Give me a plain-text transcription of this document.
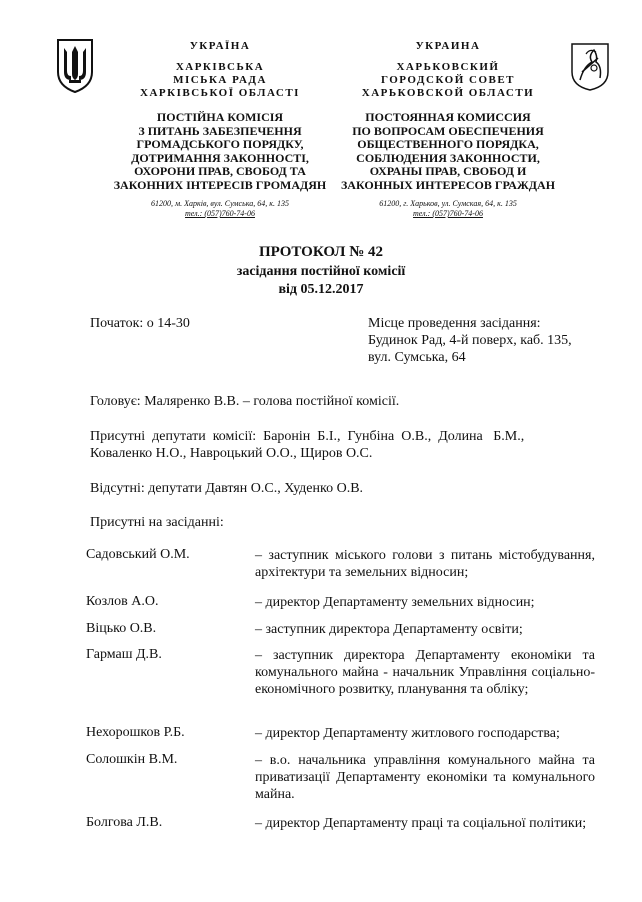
УКРАЇНА
ХАРКІВСЬКА
МІСЬКА РАДА
ХАРКІВСЬКОЇ ОБЛАСТІ
ПОСТІЙНА КОМІСІЯ
З ПИТАНЬ ЗАБЕЗПЕЧЕННЯ
ГРОМАДСЬКОГО ПОРЯДКУ,
ДОТРИМАННЯ ЗАКОННОСТІ,
ОХОРОНИ ПРАВ, СВОБОД ТА
ЗАКОННИХ ІНТЕРЕСІВ ГРОМАДЯН
61200, м. Харків, вул. Сумська, 64, к. 135
тел.: (057)760-74-06
УКРАИНА
ХАРЬКОВСКИЙ
ГОРОДСКОЙ СОВЕТ
ХАРЬКОВСКОЙ ОБЛАСТИ
ПОСТОЯННАЯ КОМИССИЯ
ПО ВОПРОСАМ ОБЕСПЕЧЕНИЯ
ОБЩЕСТВЕННОГО ПОРЯДКА,
СОБЛЮДЕНИЯ ЗАКОННОСТИ,
ОХРАНЫ ПРАВ, СВОБОД И
ЗАКОННЫХ ИНТЕРЕСОВ ГРАЖДАН
61200, г. Харьков, ул. Сумская, 64, к. 135
тел.: (057)760-74-06
ПРОТОКОЛ № 42
засідання постійної комісії
від 05.12.2017
Початок: о 14-30	Місце проведення засідання:
Будинок Рад, 4-й поверх, каб. 135,
вул. Сумська, 64
Головує: Маляренко В.В. – голова постійної комісії.
Присутні  депутати  комісії:  Баронін  Б.І.,  Гунбіна  О.В.,  Долина   Б.М.,
Коваленко Н.О., Навроцький О.О., Щиров О.С.
Відсутні: депутати Давтян О.С., Худенко О.В.
Присутні на засіданні:
Садовський О.М.	– заступник міського голови з питань містобудування, архітектури та земельних відносин;
Козлов А.О.	– директор Департаменту земельних відносин;
Віцько О.В.	– заступник директора Департаменту освіти;
Гармаш Д.В.	– заступник директора Департаменту економіки та комунального майна - начальник Управління соціально-економічного розвитку, планування та обліку;
Нехорошков Р.Б.	– директор Департаменту житлового господарства;
Солошкін В.М.	– в.о. начальника управління комунального майна та приватизації Департаменту економіки та комунального майна.
Болгова Л.В.	– директор Департаменту праці та соціальної політики;
